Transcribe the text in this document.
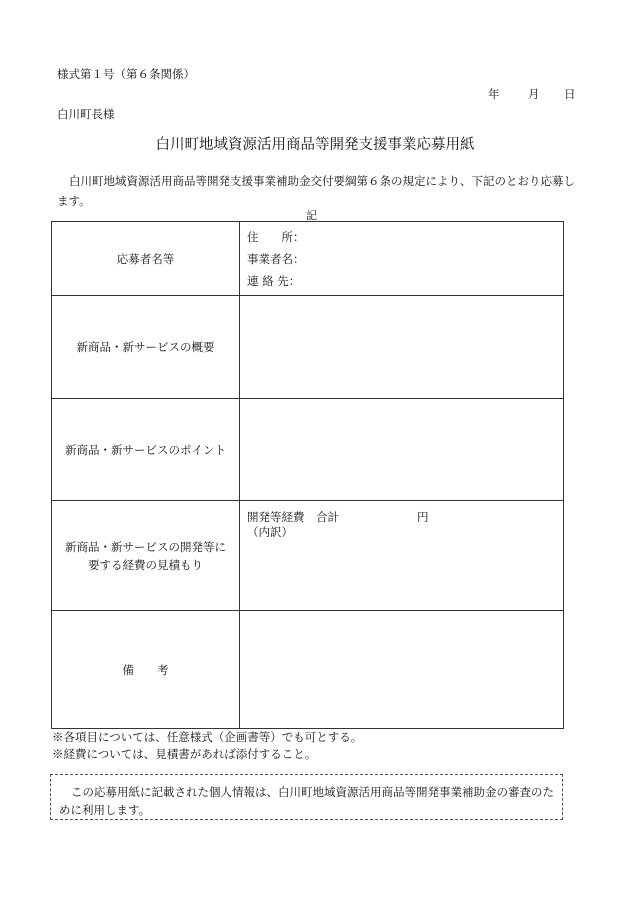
様式第１号（第６条関係）
年 月 日
白川町長様
白川町地域資源活用商品等開発支援事業応募用紙
白川町地域資源活用商品等開発支援事業補助金交付要綱第６条の規定により、下記のとおり応募します。
記
応募者名等	住　　所：
事業者名：
連 絡 先：

新商品・新サービスの概要	
新商品・新サービスのポイント	

新商品・新サービスの開発等に
要する経費の見積もり	開発等経費　合計 円
（内訳）

備　　考	
※各項目については、任意様式（企画書等）でも可とする。
※経費については、見積書があれば添付すること。
この応募用紙に記載された個人情報は、白川町地域資源活用商品等開発事業補助金の審査のために利用します。
